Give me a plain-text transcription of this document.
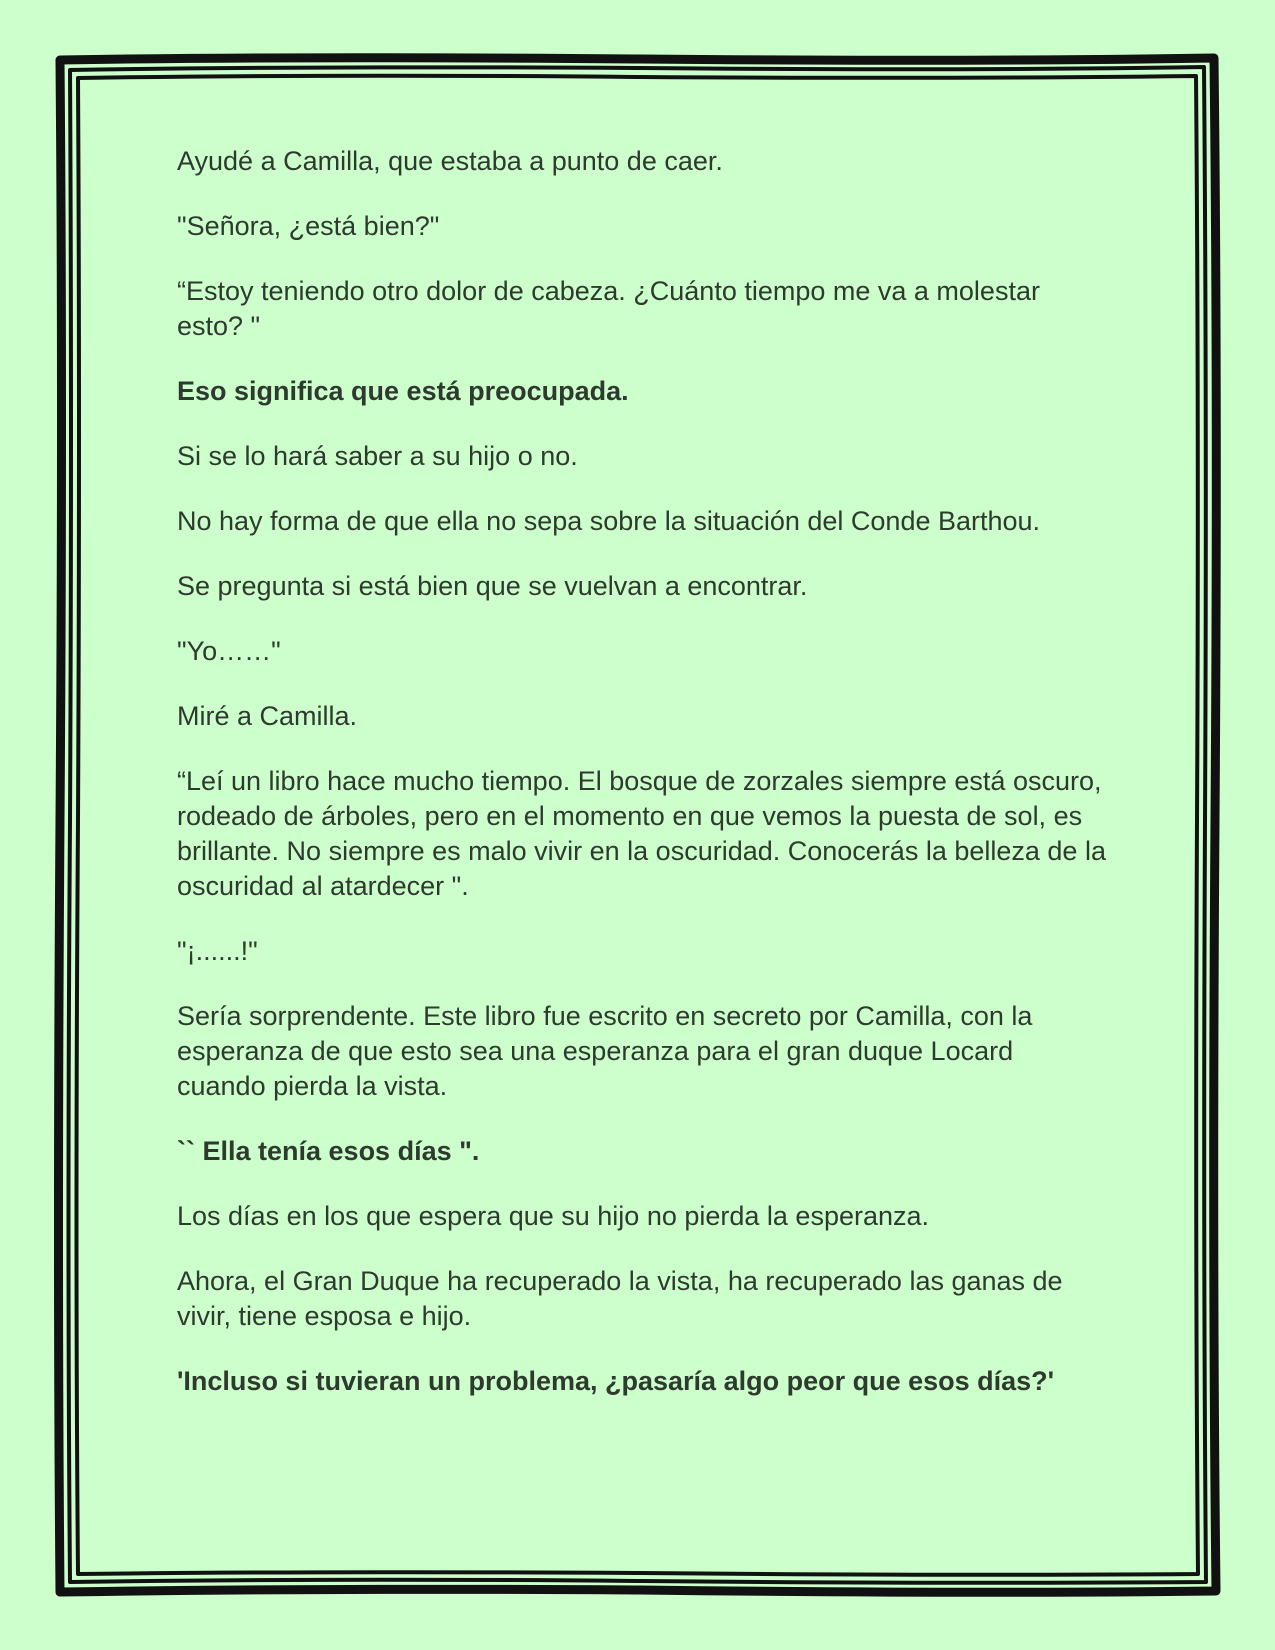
Ayudé a Camilla, que estaba a punto de caer.

"Señora, ¿está bien?"

“Estoy teniendo otro dolor de cabeza. ¿Cuánto tiempo me va a molestar esto? "

Eso significa que está preocupada.

Si se lo hará saber a su hijo o no.

No hay forma de que ella no sepa sobre la situación del Conde Barthou.

Se pregunta si está bien que se vuelvan a encontrar.

"Yo……"

Miré a Camilla.

“Leí un libro hace mucho tiempo. El bosque de zorzales siempre está oscuro, rodeado de árboles, pero en el momento en que vemos la puesta de sol, es brillante. No siempre es malo vivir en la oscuridad. Conocerás la belleza de la oscuridad al atardecer ".

"¡......!"

Sería sorprendente. Este libro fue escrito en secreto por Camilla, con la esperanza de que esto sea una esperanza para el gran duque Locard cuando pierda la vista.

`` Ella tenía esos días ".

Los días en los que espera que su hijo no pierda la esperanza.

Ahora, el Gran Duque ha recuperado la vista, ha recuperado las ganas de vivir, tiene esposa e hijo.

'Incluso si tuvieran un problema, ¿pasaría algo peor que esos días?'
